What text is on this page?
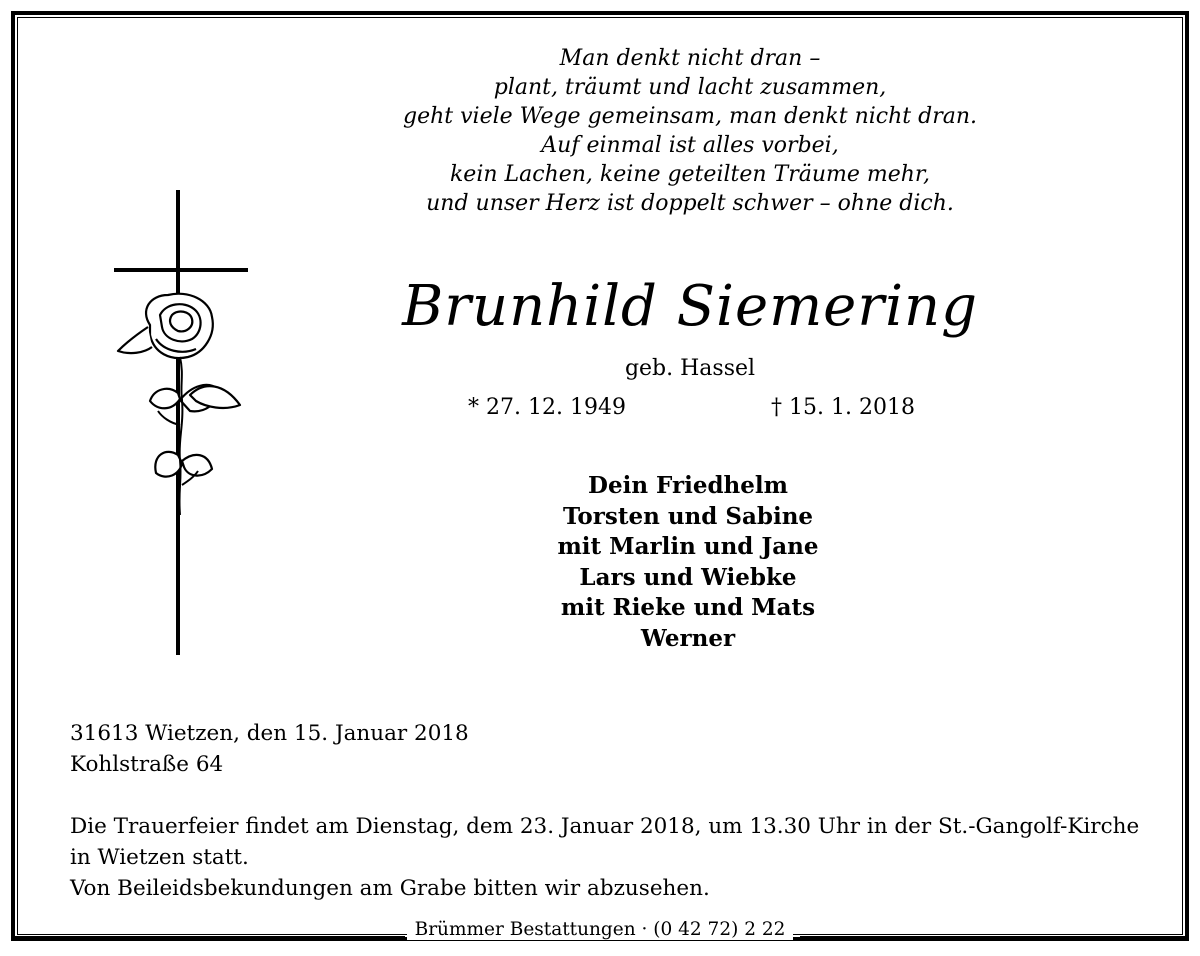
Man denkt nicht dran –
plant, träumt und lacht zusammen,
geht viele Wege gemeinsam, man denkt nicht dran.
Auf einmal ist alles vorbei,
kein Lachen, keine geteilten Träume mehr,
und unser Herz ist doppelt schwer – ohne dich.
Brunhild Siemering
geb. Hassel
* 27. 12. 1949	† 15. 1. 2018
Dein Friedhelm
Torsten und Sabine
mit Marlin und Jane
Lars und Wiebke
mit Rieke und Mats
Werner
31613 Wietzen, den 15. Januar 2018
Kohlstraße 64
Die Trauerfeier findet am Dienstag, dem 23. Januar 2018, um 13.30 Uhr in der St.-Gangolf-Kirche in Wietzen statt.
Von Beileidsbekundungen am Grabe bitten wir abzusehen.
Brümmer Bestattungen · (0 42 72) 2 22
